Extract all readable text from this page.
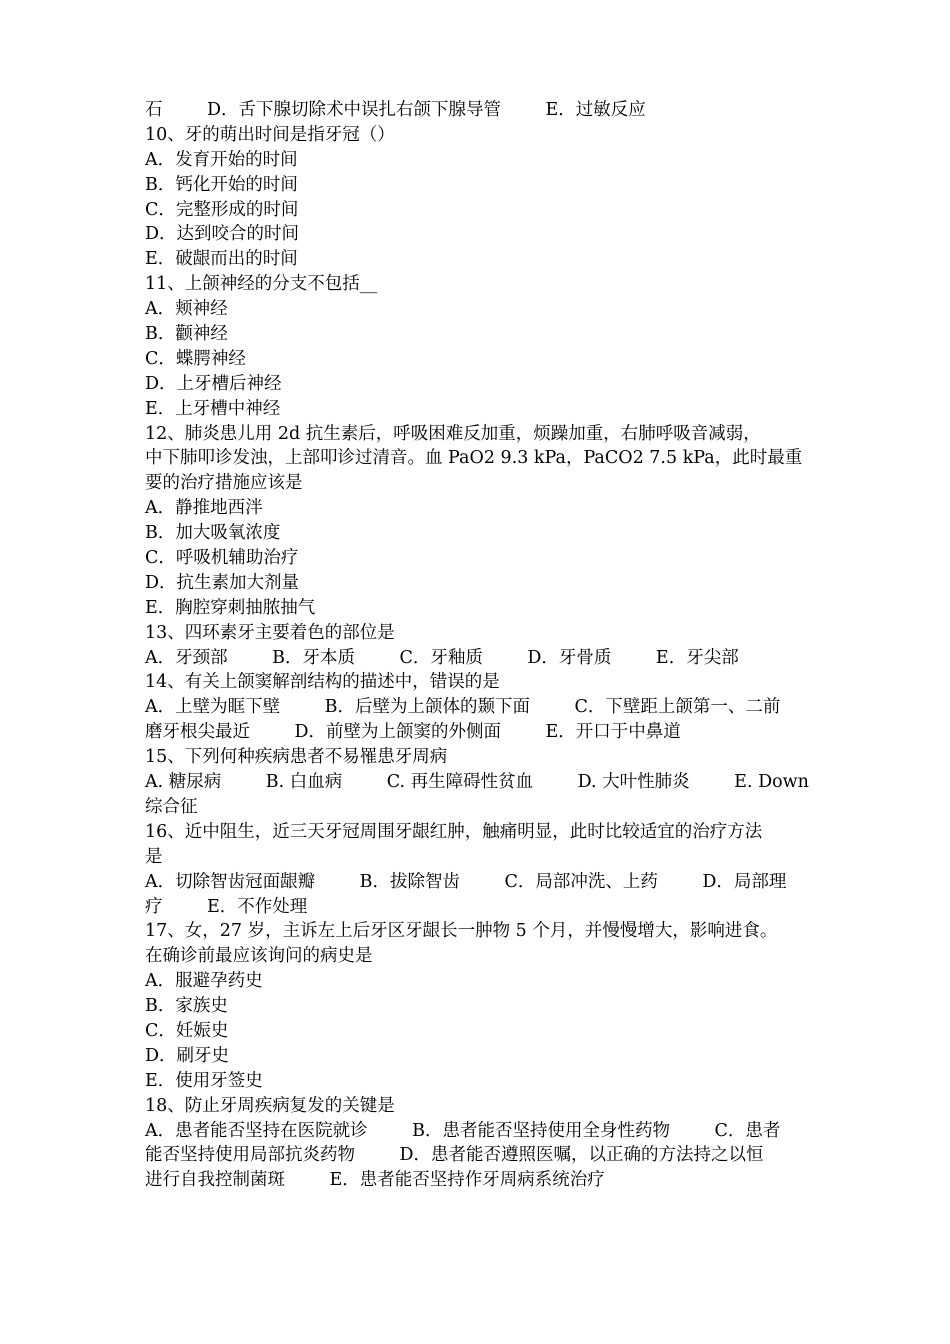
石        D．舌下腺切除术中误扎右颌下腺导管        E．过敏反应
10、牙的萌出时间是指牙冠（）
A．发育开始的时间
B．钙化开始的时间
C．完整形成的时间
D．达到咬合的时间
E．破龈而出的时间
11、上颌神经的分支不包括__
A．颊神经
B．颧神经
C．蝶腭神经
D．上牙槽后神经
E．上牙槽中神经
12、肺炎患儿用 2d 抗生素后，呼吸困难反加重，烦躁加重，右肺呼吸音减弱，
中下肺叩诊发浊，上部叩诊过清音。血 PaO2 9.3 kPa，PaCO2 7.5 kPa，此时最重
要的治疗措施应该是
A．静推地西泮
B．加大吸氧浓度
C．呼吸机辅助治疗
D．抗生素加大剂量
E．胸腔穿刺抽脓抽气
13、四环素牙主要着色的部位是
A．牙颈部        B．牙本质        C．牙釉质        D．牙骨质        E．牙尖部
14、有关上颌窦解剖结构的描述中，错误的是
A．上壁为眶下壁        B．后壁为上颌体的颞下面        C．下壁距上颌第一、二前
磨牙根尖最近        D．前壁为上颌窦的外侧面        E．开口于中鼻道
15、下列何种疾病患者不易罹患牙周病
A. 糖尿病        B. 白血病        C. 再生障碍性贫血        D. 大叶性肺炎        E. Down
综合征
16、近中阻生，近三天牙冠周围牙龈红肿，触痛明显，此时比较适宜的治疗方法
是
A．切除智齿冠面龈瓣        B．拔除智齿        C．局部冲洗、上药        D．局部理
疗        E．不作处理
17、女，27 岁，主诉左上后牙区牙龈长一肿物 5 个月，并慢慢增大，影响进食。
在确诊前最应该询问的病史是
A．服避孕药史
B．家族史
C．妊娠史
D．刷牙史
E．使用牙签史
18、防止牙周疾病复发的关键是
A．患者能否坚持在医院就诊        B．患者能否坚持使用全身性药物        C．患者
能否坚持使用局部抗炎药物        D．患者能否遵照医嘱，以正确的方法持之以恒
进行自我控制菌斑        E．患者能否坚持作牙周病系统治疗
